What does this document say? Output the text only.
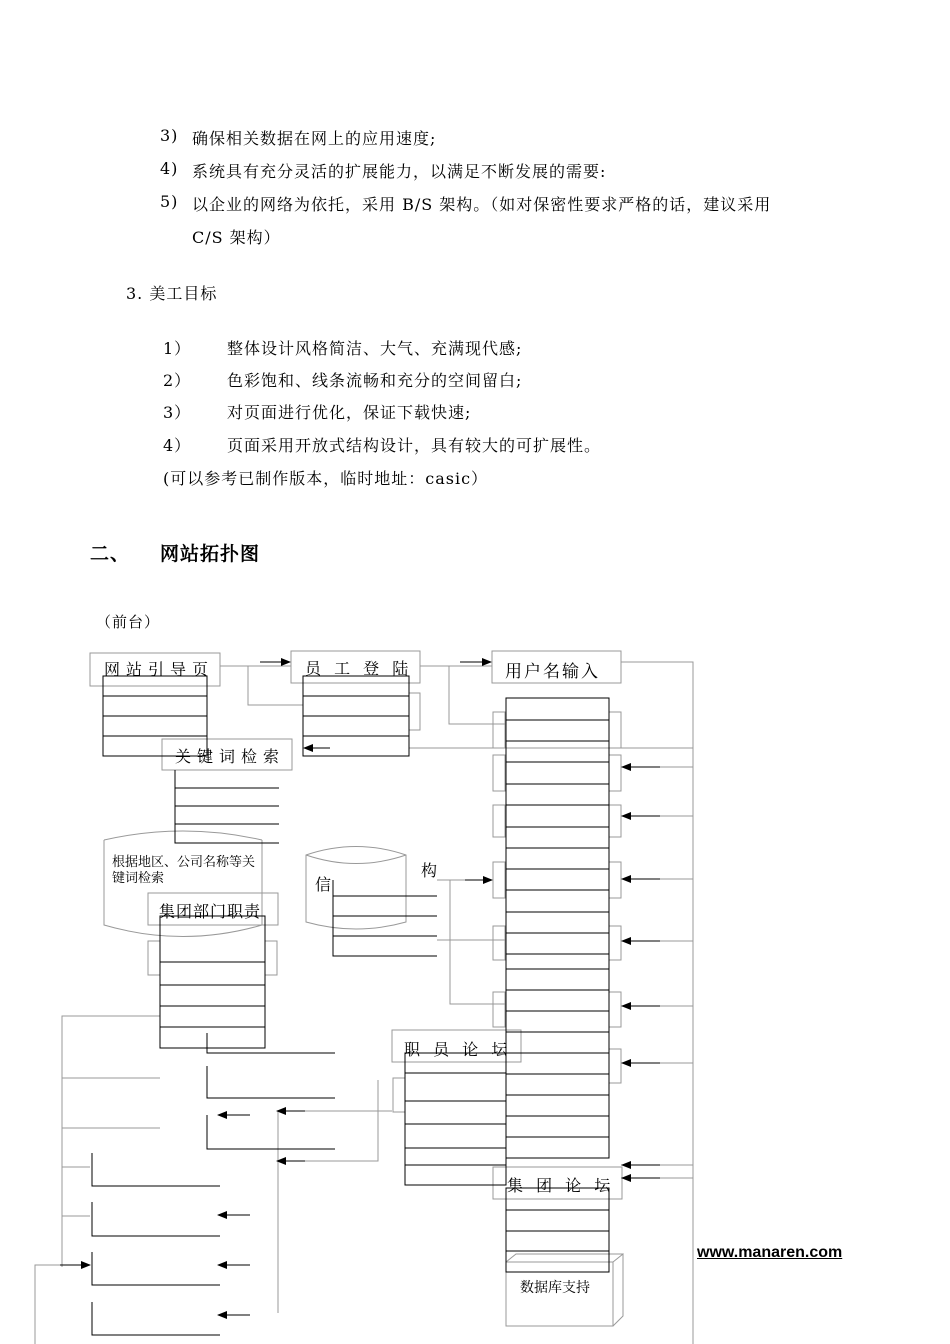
3) 确保相关数据在网上的应用速度;
4) 系统具有充分灵活的扩展能力，以满足不断发展的需要:
5) 以企业的网络为依托，采用 B/S 架构。（如对保密性要求严格的话，建议采用
C/S 架构）
3. 美工目标
1） 整体设计风格简洁、大气、充满现代感;
2） 色彩饱和、线条流畅和充分的空间留白;
3） 对页面进行优化，保证下载快速;
4） 页面采用开放式结构设计，具有较大的可扩展性。
(可以参考已制作版本，临时地址：casic）
二、 网站拓扑图
（前台）
网站引导页	员 工 登 陆	用户名输入
关键词检索
根据地区、公司名称等关键词检索
集团部门职责
信
构
职 员 论 坛
集 团 论 坛
数据库支持
www.manaren.com
